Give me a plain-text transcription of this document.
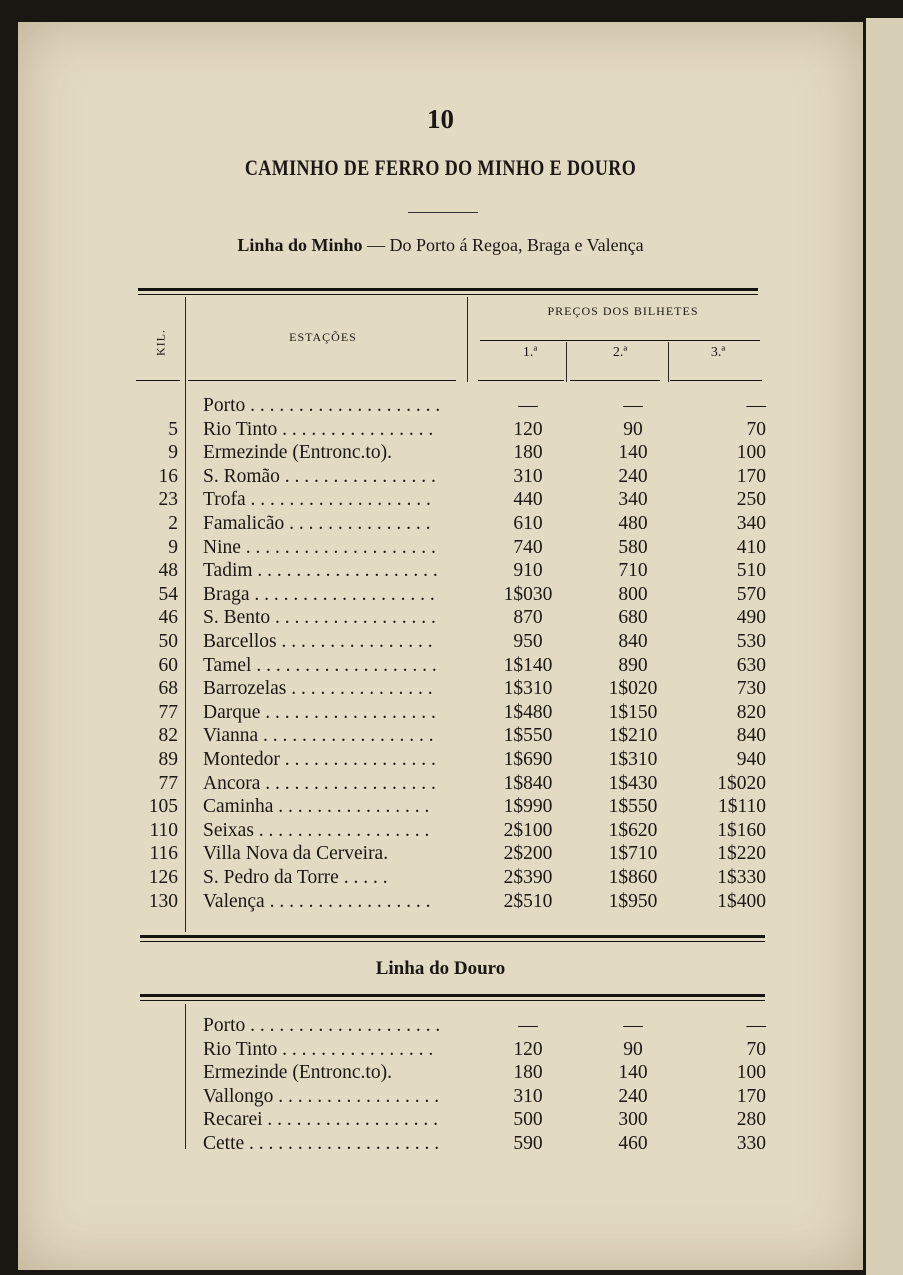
10
CAMINHO DE FERRO DO MINHO E DOURO
Linha do Minho — Do Porto á Regoa, Braga e Valença
KIL.	ESTAÇÕES
PREÇOS DOS BILHETES
1.ª	2.ª	3.ª
Porto . . . . . . . . . . . . . . . . . . . .	—	—	—
5 Rio Tinto . . . . . . . . . . . . . . . .	120	90	70
9 Ermezinde (Entronc.to).	180	140	100
16 S. Romão . . . . . . . . . . . . . . . .	310	240	170
23 Trofa . . . . . . . . . . . . . . . . . . .	440	340	250
2 Famalicão . . . . . . . . . . . . . . .	610	480	340
9 Nine . . . . . . . . . . . . . . . . . . . .	740	580	410
48 Tadim . . . . . . . . . . . . . . . . . . .	910	710	510
54 Braga . . . . . . . . . . . . . . . . . . .	1$030	800	570
46 S. Bento . . . . . . . . . . . . . . . . .	870	680	490
50 Barcellos . . . . . . . . . . . . . . . .	950	840	530
60 Tamel . . . . . . . . . . . . . . . . . . .	1$140	890	630
68 Barrozelas . . . . . . . . . . . . . . .	1$310	1$020	730
77 Darque . . . . . . . . . . . . . . . . . .	1$480	1$150	820
82 Vianna . . . . . . . . . . . . . . . . . .	1$550	1$210	840
89 Montedor . . . . . . . . . . . . . . . .	1$690	1$310	940
77 Ancora . . . . . . . . . . . . . . . . . .	1$840	1$430	1$020
105 Caminha . . . . . . . . . . . . . . . .	1$990	1$550	1$110
110 Seixas . . . . . . . . . . . . . . . . . .	2$100	1$620	1$160
116 Villa Nova da Cerveira.	2$200	1$710	1$220
126 S. Pedro da Torre . . . . .	2$390	1$860	1$330
130 Valença . . . . . . . . . . . . . . . . .	2$510	1$950	1$400
Linha do Douro
Porto . . . . . . . . . . . . . . . . . . . .	—	—	—
Rio Tinto . . . . . . . . . . . . . . . .	120	90	70
Ermezinde (Entronc.to).	180	140	100
Vallongo . . . . . . . . . . . . . . . . .	310	240	170
Recarei . . . . . . . . . . . . . . . . . .	500	300	280
Cette . . . . . . . . . . . . . . . . . . . .	590	460	330
